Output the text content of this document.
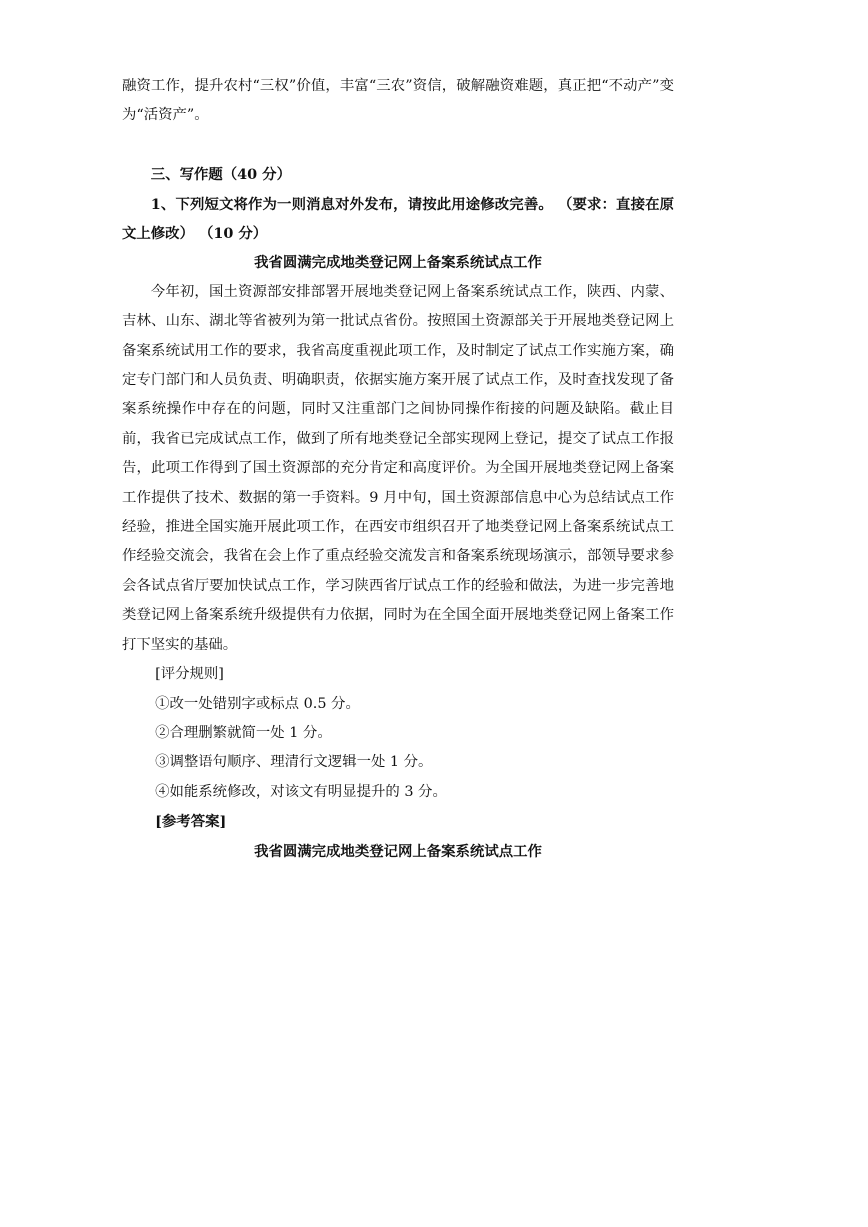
融资工作，提升农村“三权”价值，丰富“三农”资信，破解融资难题，真正把“不动产”变为“活资产”。

三、写作题（40 分）

1、下列短文将作为一则消息对外发布，请按此用途修改完善。 （要求：直接在原文上修改） （10 分）

我省圆满完成地类登记网上备案系统试点工作

今年初，国土资源部安排部署开展地类登记网上备案系统试点工作，陕西、内蒙、吉林、山东、湖北等省被列为第一批试点省份。按照国土资源部关于开展地类登记网上备案系统试用工作的要求，我省高度重视此项工作，及时制定了试点工作实施方案，确定专门部门和人员负责、明确职责，依据实施方案开展了试点工作，及时查找发现了备案系统操作中存在的问题，同时又注重部门之间协同操作衔接的问题及缺陷。截止目前，我省已完成试点工作，做到了所有地类登记全部实现网上登记，提交了试点工作报告，此项工作得到了国土资源部的充分肯定和高度评价。为全国开展地类登记网上备案工作提供了技术、数据的第一手资料。9 月中旬，国土资源部信息中心为总结试点工作经验，推进全国实施开展此项工作，在西安市组织召开了地类登记网上备案系统试点工作经验交流会，我省在会上作了重点经验交流发言和备案系统现场演示，部领导要求参会各试点省厅要加快试点工作，学习陕西省厅试点工作的经验和做法，为进一步完善地类登记网上备案系统升级提供有力依据，同时为在全国全面开展地类登记网上备案工作打下坚实的基础。

[评分规则]

①改一处错别字或标点 0.5 分。

②合理删繁就简一处 1 分。

③调整语句顺序、理清行文逻辑一处 1 分。

④如能系统修改，对该文有明显提升的 3 分。

[参考答案]

我省圆满完成地类登记网上备案系统试点工作
